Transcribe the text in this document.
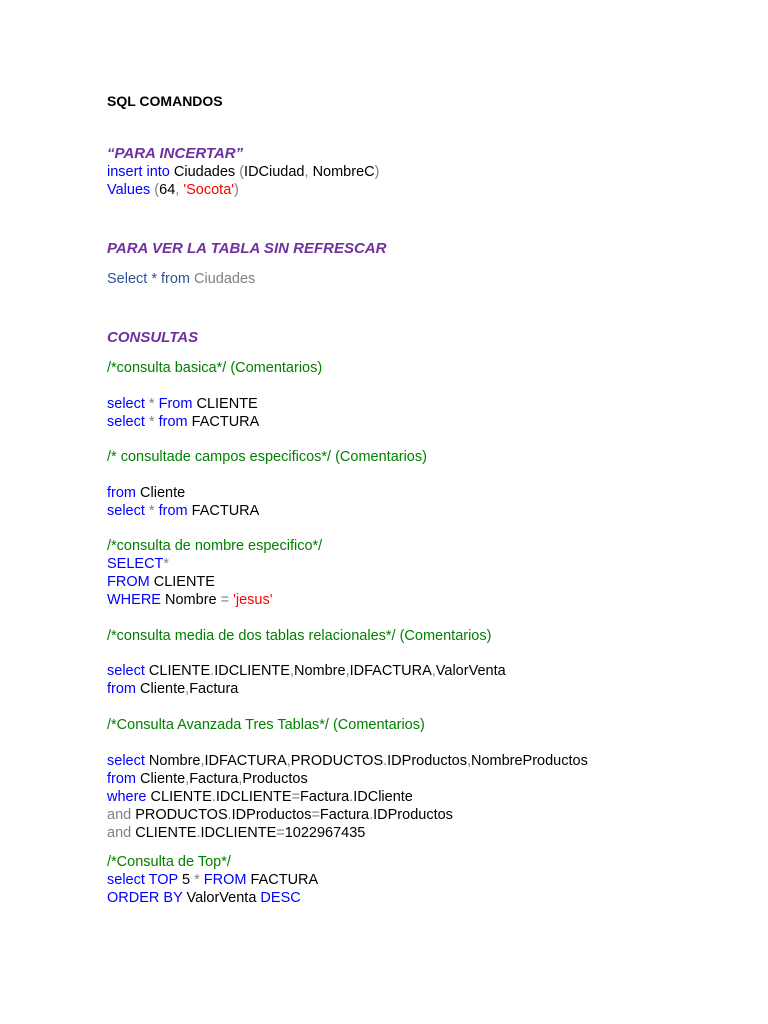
SQL COMANDOS
“PARA INCERTAR”
insert into Ciudades (IDCiudad, NombreC)
Values (64, 'Socota')
PARA VER LA TABLA SIN REFRESCAR
Select * from Ciudades
CONSULTAS
/*consulta basica*/ (Comentarios)
select * From CLIENTE
select * from FACTURA
/* consultade campos especificos*/ (Comentarios)
from Cliente
select * from FACTURA
/*consulta de nombre especifico*/
SELECT*
FROM CLIENTE
WHERE Nombre = 'jesus'
/*consulta media de dos tablas relacionales*/ (Comentarios)
select CLIENTE.IDCLIENTE,Nombre,IDFACTURA,ValorVenta
from Cliente,Factura
/*Consulta Avanzada Tres Tablas*/ (Comentarios)
select Nombre,IDFACTURA,PRODUCTOS.IDProductos,NombreProductos
from Cliente,Factura,Productos
where CLIENTE.IDCLIENTE=Factura.IDCliente
and PRODUCTOS.IDProductos=Factura.IDProductos
and CLIENTE.IDCLIENTE=1022967435
/*Consulta de Top*/
select TOP 5 * FROM FACTURA
ORDER BY ValorVenta DESC
